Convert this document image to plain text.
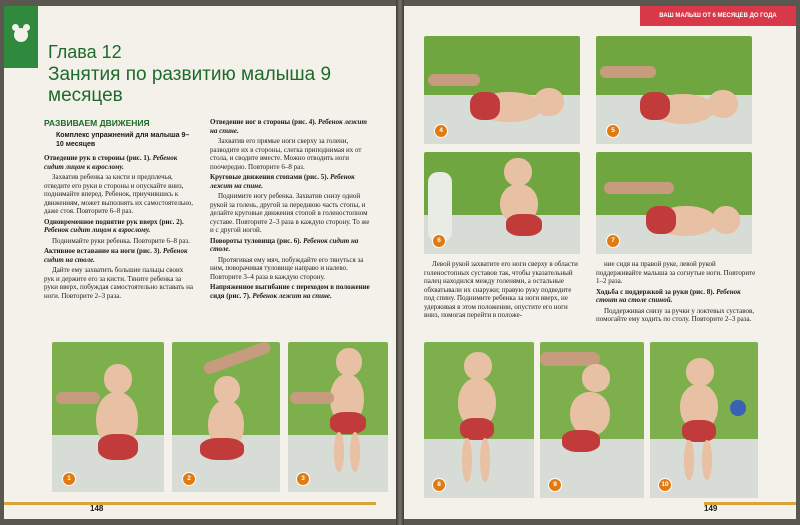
Глава 12
Занятия по развитию малыша 9 месяцев
РАЗВИВАЕМ ДВИЖЕНИЯ
Комплекс упражнений для малыша 9–10 месяцев

Отведение рук в стороны (рис. 1). Ребенок сидит лицом к взрослому.

Захватив ребенка за кисти и предплечья, отведите его руки в стороны и опускайте вниз, поднимайте вперед. Ребенок, приучившись к движениям, может выполнять их самостоятельно, даже стоя. Повторите 6–8 раз.

Одновременное поднятие рук вверх (рис. 2). Ребенок сидит лицом к взрослому.

Поднимайте руки ребенка. Повторите 6–8 раз.

Активное вставание на ноги (рис. 3). Ребенок сидит на столе.

Дайте ему захватить большие пальцы своих рук и держите его за кисти. Тяните ребенка за руки вверх, побуждая самостоятельно вставать на ноги. Повторите 2–3 раза.

Отведение ног в стороны (рис. 4). Ребенок лежит на спине.

Захватив его прямые ноги сверху за голени, разводите их в стороны, слегка приподнимая их от стола, и сводите вместе. Можно отводить ноги поочередно. Повторите 6–8 раз.

Круговые движения стопами (рис. 5). Ребенок лежит на спине.

Поднимите ногу ребенка. Захватив снизу одной рукой за голень, другой за переднюю часть стопы, и делайте круговые движения стопой в голеностопном суставе. Повторите 2–3 раза в каждую сторону. То же и с другой ногой.

Повороты туловища (рис. 6). Ребенок сидит на столе.

Протягивая ему мяч, побуждайте его тянуться за ним, поворачивая туловище направо и налево. Повторите 3–4 раза в каждую сторону.

Напряженное выгибание с переходом в положение сидя (рис. 7). Ребенок лежит на спине.

1	2	3
148
ВАШ МАЛЫШ ОТ 6 МЕСЯЦЕВ ДО ГОДА
4	5
6	7

Левой рукой захватите его ноги сверху в области голеностопных суставов так, чтобы указательный палец находился между голенями, а остальные обхватывали их снаружи; правую руку подведите под спину. Поднимите ребенка за ноги вверх, не удерживая в этом положении, опустите его ноги вниз, помогая перейти в положе-

ние сидя на правой руке, левой рукой поддерживайте малыша за согнутые ноги. Повторите 1–2 раза.

Ходьба с поддержкой за руки (рис. 8). Ребенок стоит на столе спиной.

Поддерживая снизу за ручки у локтевых суставов, помогайте ему ходить по столу. Повторите 2–3 раза.

8	9	10
149
